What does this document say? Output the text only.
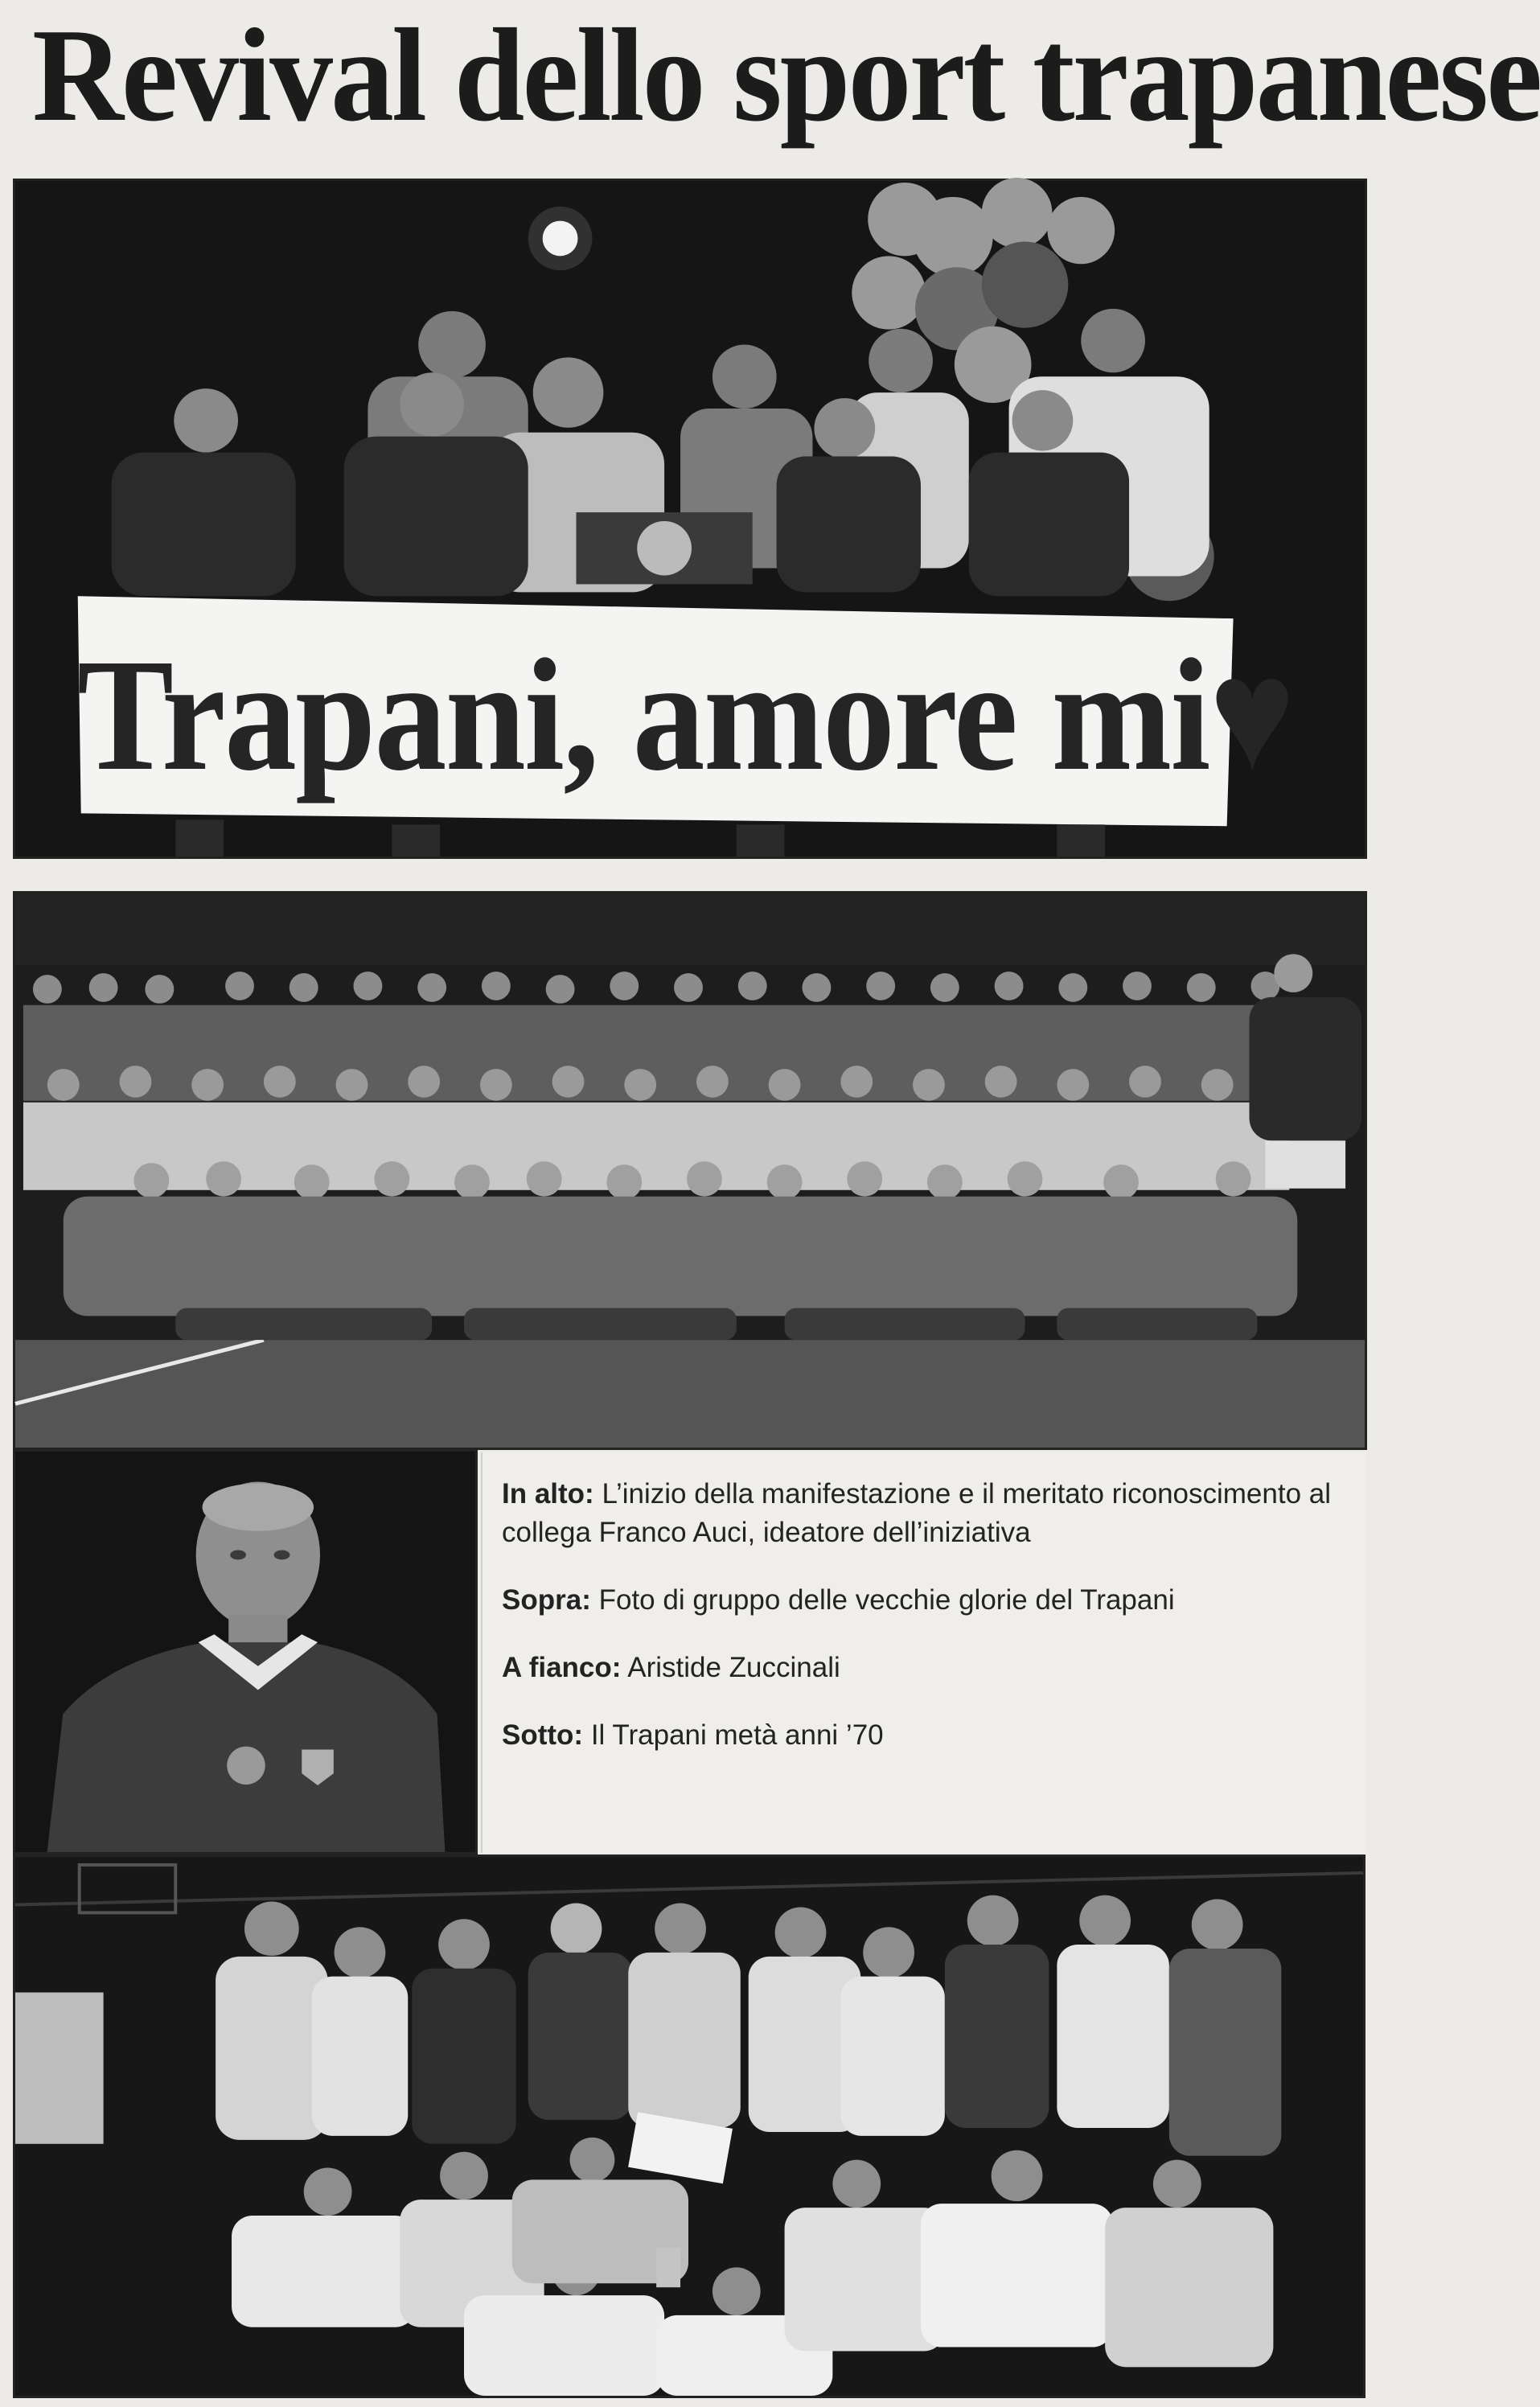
Revival dello sport trapanese

Trapani, amore mi♥

In alto: L’inizio della manifestazione e il meritato riconoscimento al collega Franco Auci, ideatore dell’iniziativa

Sopra: Foto di gruppo delle vecchie glorie del Trapani

A fianco: Aristide Zuccinali

Sotto: Il Trapani metà anni ’70
